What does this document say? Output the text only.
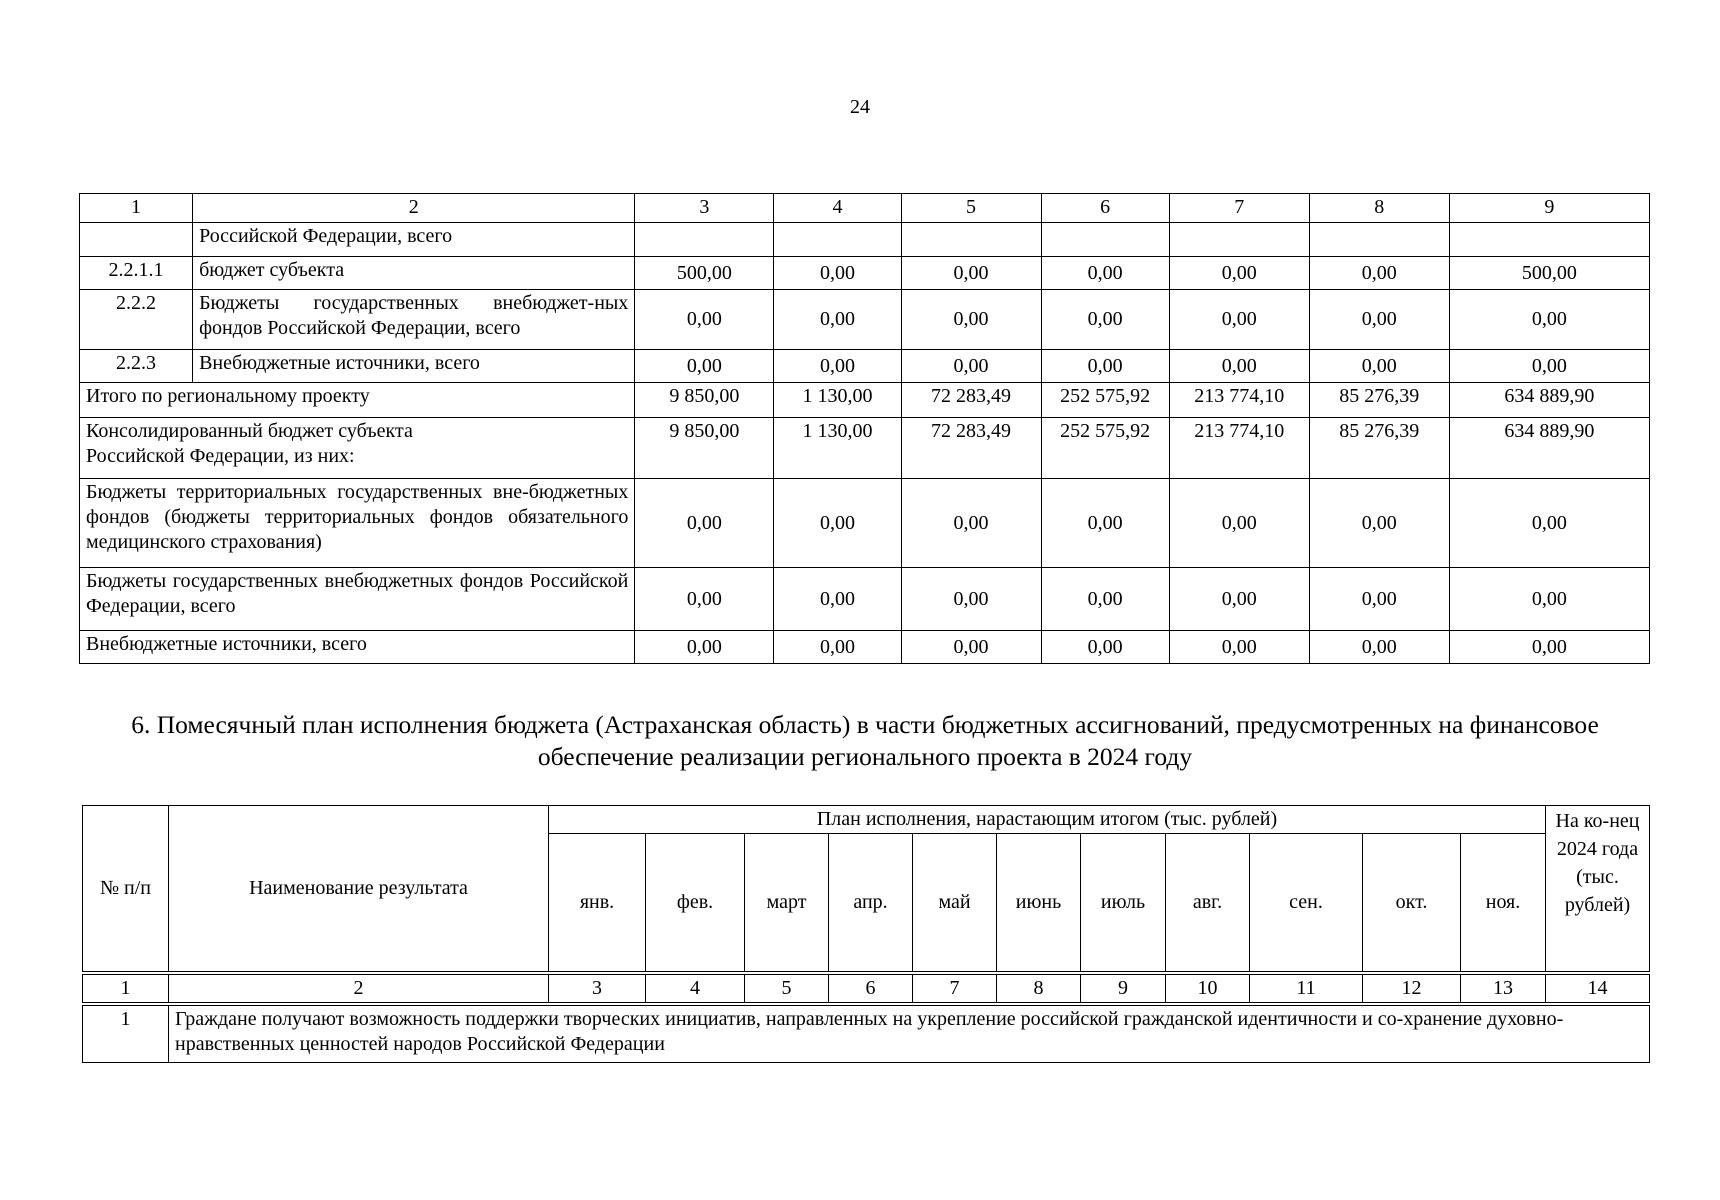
24
1	2	3	4	5	6	7	8	9
	Российской Федерации, всего							
2.2.1.1	бюджет субъекта	500,00	0,00	0,00	0,00	0,00	0,00	500,00
2.2.2	Бюджеты государственных внебюджет-ных фондов Российской Федерации, всего	0,00	0,00	0,00	0,00	0,00	0,00	0,00
2.2.3	Внебюджетные источники, всего	0,00	0,00	0,00	0,00	0,00	0,00	0,00
Итого по региональному проекту		9 850,00	1 130,00	72 283,49	252 575,92	213 774,10	85 276,39	634 889,90
Консолидированный бюджет субъекта Российской Федерации, из них:		9 850,00	1 130,00	72 283,49	252 575,92	213 774,10	85 276,39	634 889,90
Бюджеты территориальных государственных вне-бюджетных фондов (бюджеты территориальных фондов обязательного медицинского страхования)		0,00	0,00	0,00	0,00	0,00	0,00	0,00
Бюджеты государственных внебюджетных фондов Российской Федерации, всего		0,00	0,00	0,00	0,00	0,00	0,00	0,00
Внебюджетные источники, всего		0,00	0,00	0,00	0,00	0,00	0,00	0,00
6. Помесячный план исполнения бюджета (Астраханская область) в части бюджетных ассигнований, предусмотренных на финансовое обеспечение реализации регионального проекта в 2024 году
№ п/п	Наименование результата	План исполнения, нарастающим итогом (тыс. рублей)											На ко-нец 2024 года (тыс. рублей)
		янв.	фев.	март	апр.	май	июнь	июль	авг.	сен.	окт.	ноя.	
1	2	3	4	5	6	7	8	9	10	11	12	13	14
1	Граждане получают возможность поддержки творческих инициатив, направленных на укрепление российской гражданской идентичности и со-хранение духовно-нравственных ценностей народов Российской Федерации												
